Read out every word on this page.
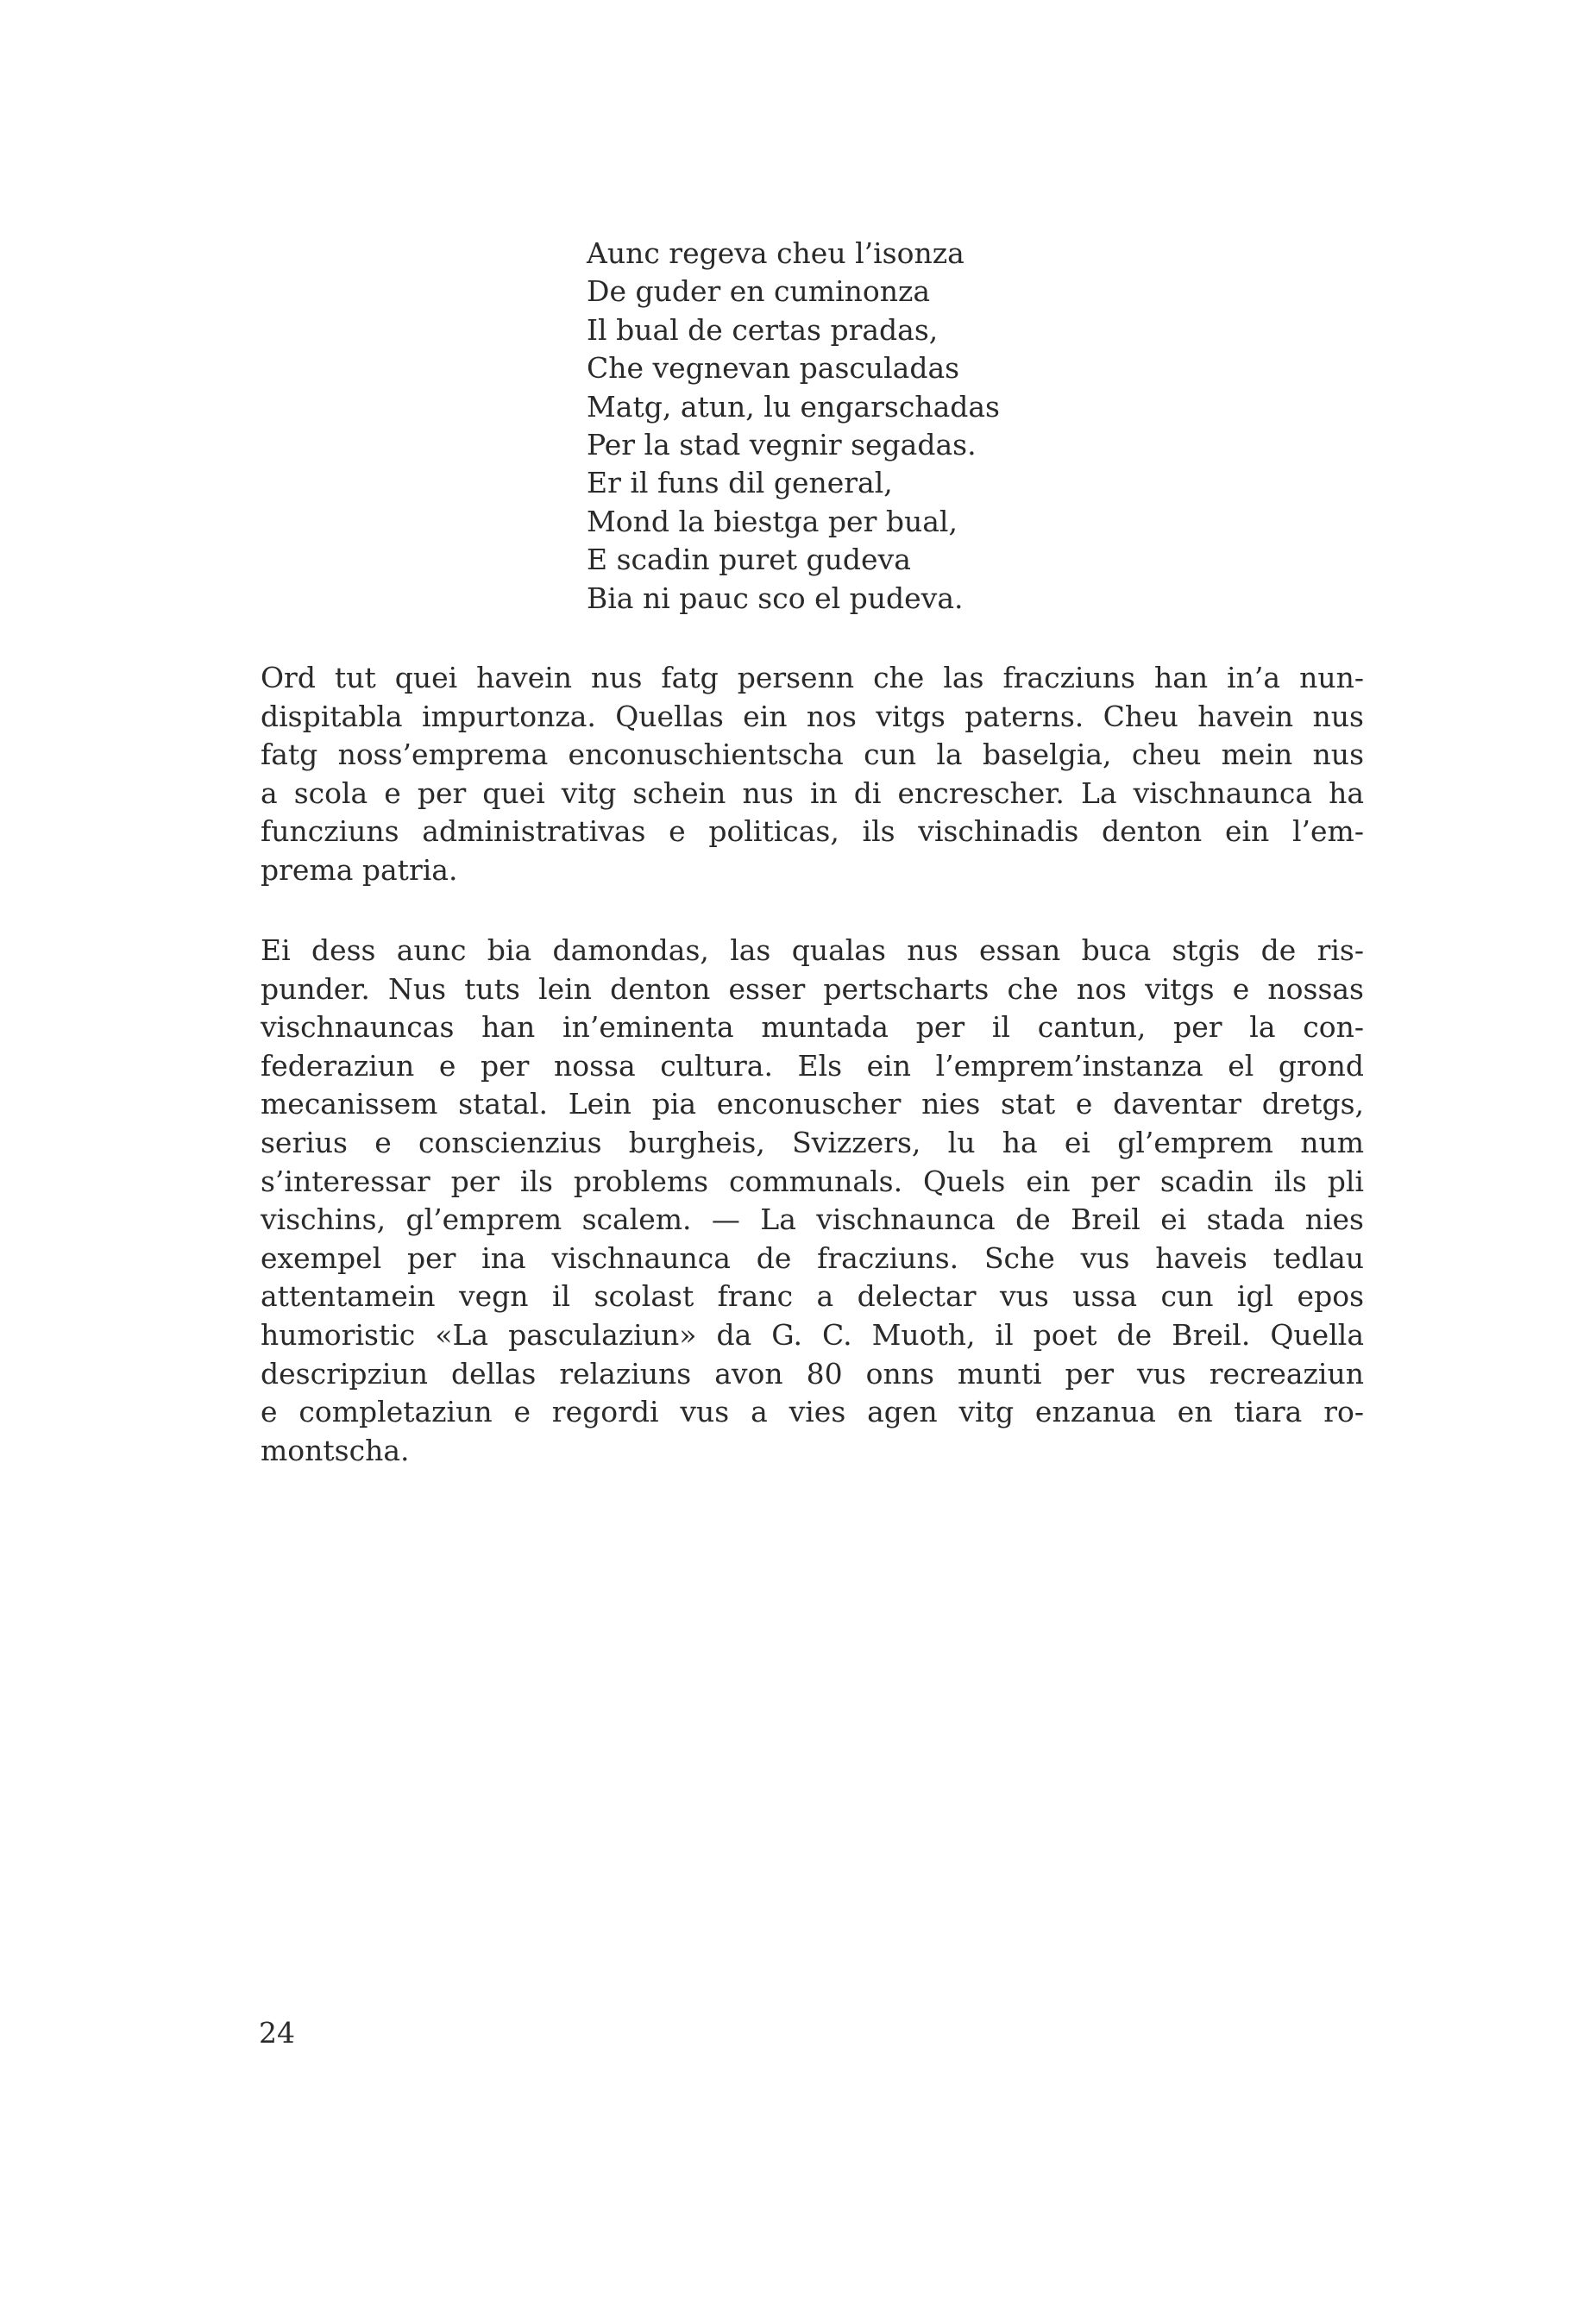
Aunc regeva cheu l’isonza
De guder en cuminonza
Il bual de certas pradas,
Che vegnevan pasculadas
Matg, atun, lu engarschadas
Per la stad vegnir segadas.
Er il funs dil general,
Mond la biestga per bual,
E scadin puret gudeva
Bia ni pauc sco el pudeva.
Ord tut quei havein nus fatg persenn che las fracziuns han in’a nun-
dispitabla impurtonza. Quellas ein nos vitgs paterns. Cheu havein nus
fatg noss’emprema enconuschientscha cun la baselgia, cheu mein nus
a scola e per quei vitg schein nus in di encrescher. La vischnaunca ha
funcziuns administrativas e politicas, ils vischinadis denton ein l’em-
prema patria.
Ei dess aunc bia damondas, las qualas nus essan buca stgis de ris-
punder. Nus tuts lein denton esser pertscharts che nos vitgs e nossas
vischnauncas han in’eminenta muntada per il cantun, per la con-
federaziun e per nossa cultura. Els ein l’emprem’instanza el grond
mecanissem statal. Lein pia enconuscher nies stat e daventar dretgs,
serius e conscienzius burgheis, Svizzers, lu ha ei gl’emprem num
s’interessar per ils problems communals. Quels ein per scadin ils pli
vischins, gl’emprem scalem. — La vischnaunca de Breil ei stada nies
exempel per ina vischnaunca de fracziuns. Sche vus haveis tedlau
attentamein vegn il scolast franc a delectar vus ussa cun igl epos
humoristic «La pasculaziun» da G. C. Muoth, il poet de Breil. Quella
descripziun dellas relaziuns avon 80 onns munti per vus recreaziun
e completaziun e regordi vus a vies agen vitg enzanua en tiara ro-
montscha.
24
